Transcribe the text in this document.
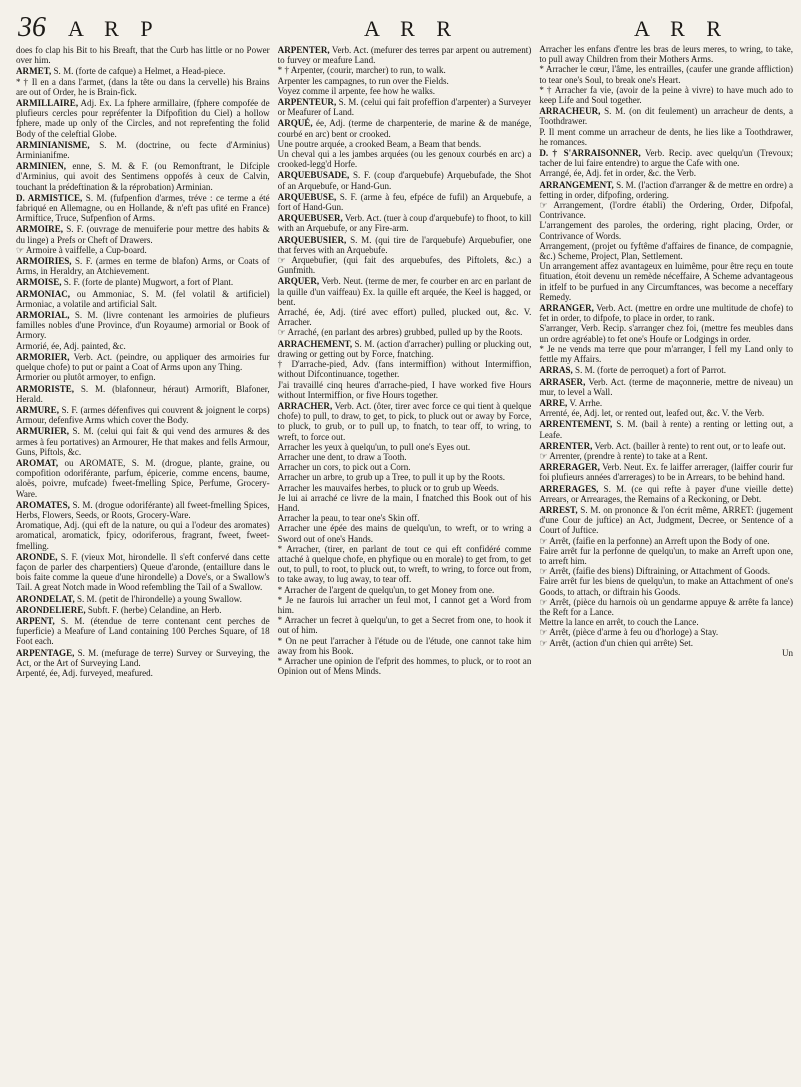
36 A R P	A R R	A R R

does fo clap his Bit to his Breaft, that the Curb has little or no Power over him.

ARMET, S. M. (forte de cafque) a Helmet, a Head-piece.

* † Il en a dans l'armet, (dans la tête ou dans la cervelle) his Brains are out of Order, he is Brain-fick.

ARMILLAIRE, Adj. Ex. La fphere armillaire, (fphere compofée de plufieurs cercles pour repréfenter la Difpofition du Ciel) a hollow fphere, made up only of the Circles, and not reprefenting the folid Body of the celeftial Globe.

ARMINIANISME, S. M. (doctrine, ou fecte d'Arminius) Arminianifme.

ARMINIEN, enne, S. M. & F. (ou Remonftrant, le Difciple d'Arminius, qui avoit des Sentimens oppofés à ceux de Calvin, touchant la prédeftination & la réprobation) Arminian.

D. ARMISTICE, S. M. (fufpenfion d'armes, tréve : ce terme a été fabriqué en Allemagne, ou en Hollande, & n'eft pas ufité en France) Armiftice, Truce, Sufpenfion of Arms.

ARMOIRE, S. F. (ouvrage de menuiferie pour mettre des habits & du linge) a Prefs or Cheft of Drawers.

☞ Armoire à vaiffelle, a Cup-board.

ARMOIRIES, S. F. (armes en terme de blafon) Arms, or Coats of Arms, in Heraldry, an Atchievement.

ARMOISE, S. F. (forte de plante) Mugwort, a fort of Plant.

ARMONIAC, ou Ammoniac, S. M. (fel volatil & artificiel) Armoniac, a volatile and artificial Salt.

ARMORIAL, S. M. (livre contenant les armoiries de plufieurs familles nobles d'une Province, d'un Royaume) armorial or Book of Armory.

Armorié, ée, Adj. painted, &c.

ARMORIER, Verb. Act. (peindre, ou appliquer des armoiries fur quelque chofe) to put or paint a Coat of Arms upon any Thing.

Armorier ou plutôt armoyer, to enfign.

ARMORISTE, S. M. (blafonneur, héraut) Armorift, Blafoner, Herald.

ARMURE, S. F. (armes défenfives qui couvrent & joignent le corps) Armour, defenfive Arms which cover the Body.

ARMURIER, S. M. (celui qui fait & qui vend des armures & des armes à feu portatives) an Armourer, He that makes and fells Armour, Guns, Piftols, &c.

AROMAT, ou AROMATE, S. M. (drogue, plante, graine, ou compofition odoriférante, parfum, épicerie, comme encens, baume, aloës, poivre, mufcade) fweet-fmelling Spice, Perfume, Grocery-Ware.

AROMATES, S. M. (drogue odoriférante) all fweet-fmelling Spices, Herbs, Flowers, Seeds, or Roots, Grocery-Ware.

Aromatique, Adj. (qui eft de la nature, ou qui a l'odeur des aromates) aromatical, aromatick, fpicy, odoriferous, fragrant, fweet, fweet-fmelling.

ARONDE, S. F. (vieux Mot, hirondelle. Il s'eft confervé dans cette façon de parler des charpentiers) Queue d'aronde, (entaillure dans le bois faite comme la queue d'une hirondelle) a Dove's, or a Swallow's Tail. A great Notch made in Wood refembling the Tail of a Swallow.

ARONDELAT, S. M. (petit de l'hirondelle) a young Swallow.

ARONDELIERE, Subft. F. (herbe) Celandine, an Herb.

ARPENT, S. M. (étendue de terre contenant cent perches de fuperficie) a Meafure of Land containing 100 Perches Square, of 18 Foot each.

ARPENTAGE, S. M. (mefurage de terre) Survey or Surveying, the Act, or the Art of Surveying Land.

Arpenté, ée, Adj. furveyed, meafured.

ARPENTER, Verb. Act. (mefurer des terres par arpent ou autrement) to furvey or meafure Land.

* † Arpenter, (courir, marcher) to run, to walk.

Arpenter les campagnes, to run over the Fields.

Voyez comme il arpente, fee how he walks.

ARPENTEUR, S. M. (celui qui fait profeffion d'arpenter) a Surveyer or Meafurer of Land.

ARQUÉ, ée, Adj. (terme de charpenterie, de marine & de manége, courbé en arc) bent or crooked.

Une poutre arquée, a crooked Beam, a Beam that bends.

Un cheval qui a les jambes arquées (ou les genoux courbés en arc) a crooked-legg'd Horfe.

ARQUEBUSADE, S. F. (coup d'arquebufe) Arquebufade, the Shot of an Arquebufe, or Hand-Gun.

ARQUEBUSE, S. F. (arme à feu, efpéce de fufil) an Arquebufe, a fort of Hand-Gun.

ARQUEBUSER, Verb. Act. (tuer à coup d'arquebufe) to fhoot, to kill with an Arquebufe, or any Fire-arm.

ARQUEBUSIER, S. M. (qui tire de l'arquebufe) Arquebufier, one that ferves with an Arquebufe.

☞ Arquebufier, (qui fait des arquebufes, des Piftolets, &c.) a Gunfmith.

ARQUER, Verb. Neut. (terme de mer, fe courber en arc en parlant de la quille d'un vaiffeau) Ex. la quille eft arquée, the Keel is hagged, or bent.

Arraché, ée, Adj. (tiré avec effort) pulled, plucked out, &c. V. Arracher.

☞ Arraché, (en parlant des arbres) grubbed, pulled up by the Roots.

ARRACHEMENT, S. M. (action d'arracher) pulling or plucking out, drawing or getting out by Force, fnatching.

† D'arrache-pied, Adv. (fans intermiffion) without Intermiffion, without Difcontinuance, together.

J'ai travaillé cinq heures d'arrache-pied, I have worked five Hours without Intermiffion, or five Hours together.

ARRACHER, Verb. Act. (ôter, tirer avec force ce qui tient à quelque chofe) to pull, to draw, to get, to pick, to pluck out or away by Force, to pluck, to grub, or to pull up, to fnatch, to tear off, to wring, to wreft, to force out.

Arracher les yeux à quelqu'un, to pull one's Eyes out.

Arracher une dent, to draw a Tooth.

Arracher un cors, to pick out a Corn.

Arracher un arbre, to grub up a Tree, to pull it up by the Roots.

Arracher les mauvaifes herbes, to pluck or to grub up Weeds.

Je lui ai arraché ce livre de la main, I fnatched this Book out of his Hand.

Arracher la peau, to tear one's Skin off.

Arracher une épée des mains de quelqu'un, to wreft, or to wring a Sword out of one's Hands.

* Arracher, (tirer, en parlant de tout ce qui eft confidéré comme attaché à quelque chofe, en phyfique ou en morale) to get from, to get out, to pull, to root, to pluck out, to wreft, to wring, to force out from, to take away, to lug away, to tear off.

* Arracher de l'argent de quelqu'un, to get Money from one.

* Je ne faurois lui arracher un feul mot, I cannot get a Word from him.

* Arracher un fecret à quelqu'un, to get a Secret from one, to hook it out of him.

* On ne peut l'arracher à l'étude ou de l'étude, one cannot take him away from his Book.

* Arracher une opinion de l'efprit des hommes, to pluck, or to root an Opinion out of Mens Minds.

Arracher les enfans d'entre les bras de leurs meres, to wring, to take, to pull away Children from their Mothers Arms.

* Arracher le cœur, l'âme, les entrailles, (caufer une grande affliction) to tear one's Soul, to break one's Heart.

* † Arracher fa vie, (avoir de la peine à vivre) to have much ado to keep Life and Soul together.

ARRACHEUR, S. M. (on dit feulement) un arracheur de dents, a Toothdrawer.

P. Il ment comme un arracheur de dents, he lies like a Toothdrawer, he romances.

D. † S'ARRAISONNER, Verb. Recip. avec quelqu'un (Trevoux; tacher de lui faire entendre) to argue the Cafe with one.

Arrangé, ée, Adj. fet in order, &c. the Verb.

ARRANGEMENT, S. M. (l'action d'arranger & de mettre en ordre) a fetting in order, difpofing, ordering.

☞ Arrangement, (l'ordre établi) the Ordering, Order, Difpofal, Contrivance.

L'arrangement des paroles, the ordering, right placing, Order, or Contrivance of Words.

Arrangement, (projet ou fyftême d'affaires de finance, de compagnie, &c.) Scheme, Project, Plan, Settlement.

Un arrangement affez avantageux en luimême, pour être reçu en toute fituation, étoit devenu un remède néceffaire, A Scheme advantageous in itfelf to be purfued in any Circumftances, was become a neceffary Remedy.

ARRANGER, Verb. Act. (mettre en ordre une multitude de chofe) to fet in order, to difpofe, to place in order, to rank.

S'arranger, Verb. Recip. s'arranger chez foi, (mettre fes meubles dans un ordre agréable) to fet one's Houfe or Lodgings in order.

* Je ne vends ma terre que pour m'arranger, I fell my Land only to fettle my Affairs.

ARRAS, S. M. (forte de perroquet) a fort of Parrot.

ARRASER, Verb. Act. (terme de maçonnerie, mettre de niveau) un mur, to level a Wall.

ARRE, V. Arrhe.

Arrenté, ée, Adj. let, or rented out, leafed out, &c. V. the Verb.

ARRENTEMENT, S. M. (bail à rente) a renting or letting out, a Leafe.

ARRENTER, Verb. Act. (bailler à rente) to rent out, or to leafe out.

☞ Arrenter, (prendre à rente) to take at a Rent.

ARRERAGER, Verb. Neut. Ex. fe laiffer arrerager, (laiffer courir fur foi plufieurs années d'arrerages) to be in Arrears, to be behind hand.

ARRERAGES, S. M. (ce qui refte à payer d'une vieille dette) Arrears, or Arrearages, the Remains of a Reckoning, or Debt.

ARREST, S. M. on prononce & l'on écrit même, ARRET: (jugement d'une Cour de juftice) an Act, Judgment, Decree, or Sentence of a Court of Juftice.

☞ Arrêt, (faifie en la perfonne) an Arreft upon the Body of one.

Faire arrêt fur la perfonne de quelqu'un, to make an Arreft upon one, to arreft him.

☞ Arrêt, (faifie des biens) Diftraining, or Attachment of Goods.

Faire arrêt fur les biens de quelqu'un, to make an Attachment of one's Goods, to attach, or diftrain his Goods.

☞ Arrêt, (pièce du harnois où un gendarme appuye & arrête fa lance) the Reft for a Lance.

Mettre la lance en arrêt, to couch the Lance.

☞ Arrêt, (pièce d'arme à feu ou d'horloge) a Stay.

☞ Arrêt, (action d'un chien qui arrête) Set.

Un
